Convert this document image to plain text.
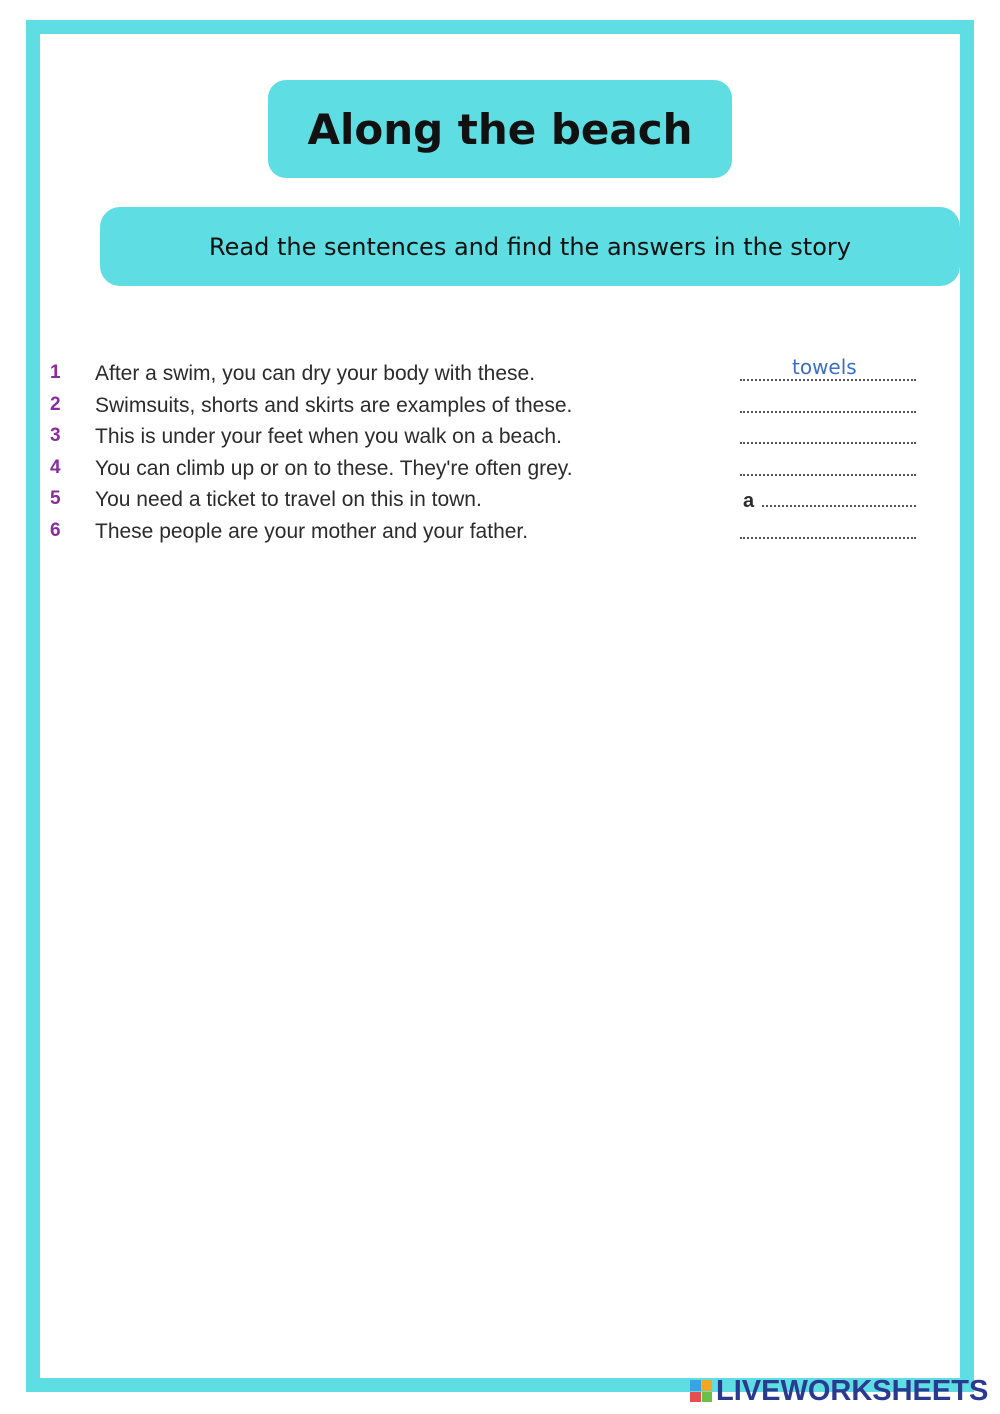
Along the beach
Read the sentences and find the answers in the story
1 After a swim, you can dry your body with these.	towels
2 Swimsuits, shorts and skirts are examples of these.
3 This is under your feet when you walk on a beach.
4 You can climb up or on to these. They're often grey.
5 You need a ticket to travel on this in town.	a
6 These people are your mother and your father.
LIVEWORKSHEETS
